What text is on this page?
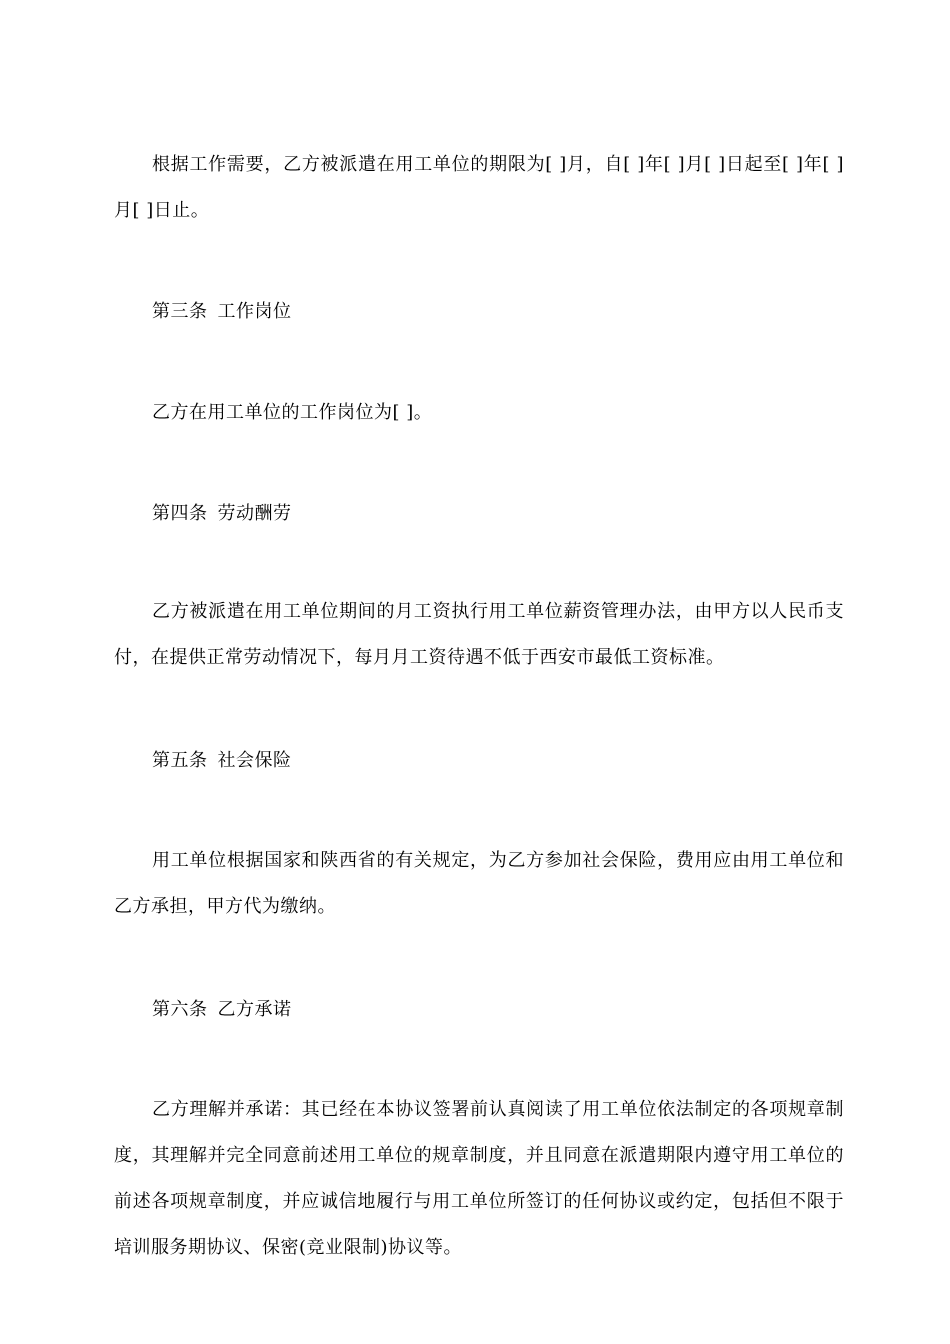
根据工作需要，乙方被派遣在用工单位的期限为[ ]月，自[ ]年[ ]月[ ]日起至[ ]年[ ]月[ ]日止。

第三条 工作岗位

乙方在用工单位的工作岗位为[ ]。

第四条 劳动酬劳

乙方被派遣在用工单位期间的月工资执行用工单位薪资管理办法，由甲方以人民币支付，在提供正常劳动情况下，每月月工资待遇不低于西安市最低工资标准。

第五条 社会保险

用工单位根据国家和陕西省的有关规定，为乙方参加社会保险，费用应由用工单位和乙方承担，甲方代为缴纳。

第六条 乙方承诺

乙方理解并承诺：其已经在本协议签署前认真阅读了用工单位依法制定的各项规章制度，其理解并完全同意前述用工单位的规章制度，并且同意在派遣期限内遵守用工单位的前述各项规章制度，并应诚信地履行与用工单位所签订的任何协议或约定，包括但不限于培训服务期协议、保密(竞业限制)协议等。
